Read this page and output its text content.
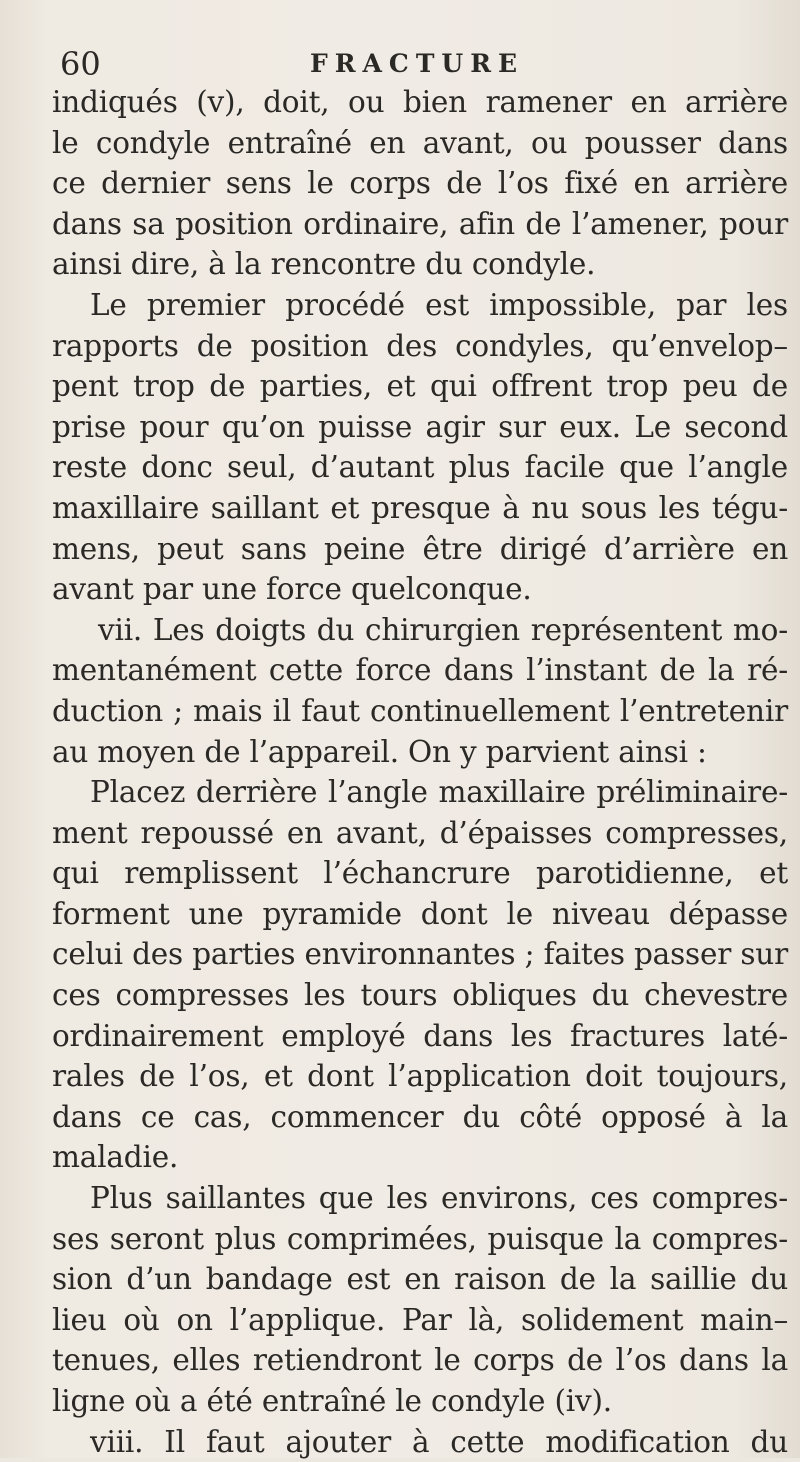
60	FRACTURE
indiqués (v), doit, ou bien ramener en arrière
le condyle entraîné en avant, ou pousser dans
ce dernier sens le corps de l’os fixé en arrière
dans sa position ordinaire, afin de l’amener, pour
ainsi dire, à la rencontre du condyle.
Le premier procédé est impossible, par les
rapports de position des condyles, qu’envelop–
pent trop de parties, et qui offrent trop peu de
prise pour qu’on puisse agir sur eux. Le second
reste donc seul, d’autant plus facile que l’angle
maxillaire saillant et presque à nu sous les tégu-
mens, peut sans peine être dirigé d’arrière en
avant par une force quelconque.
vii. Les doigts du chirurgien représentent mo-
mentanément cette force dans l’instant de la ré-
duction ; mais il faut continuellement l’entretenir
au moyen de l’appareil. On y parvient ainsi :
Placez derrière l’angle maxillaire préliminaire-
ment repoussé en avant, d’épaisses compresses,
qui remplissent l’échancrure parotidienne, et
forment une pyramide dont le niveau dépasse
celui des parties environnantes ; faites passer sur
ces compresses les tours obliques du chevestre
ordinairement employé dans les fractures laté-
rales de l’os, et dont l’application doit toujours,
dans ce cas, commencer du côté opposé à la
maladie.
Plus saillantes que les environs, ces compres-
ses seront plus comprimées, puisque la compres-
sion d’un bandage est en raison de la saillie du
lieu où on l’applique. Par là, solidement main–
tenues, elles retiendront le corps de l’os dans la
ligne où a été entraîné le condyle (iv).
viii. Il faut ajouter à cette modification du
